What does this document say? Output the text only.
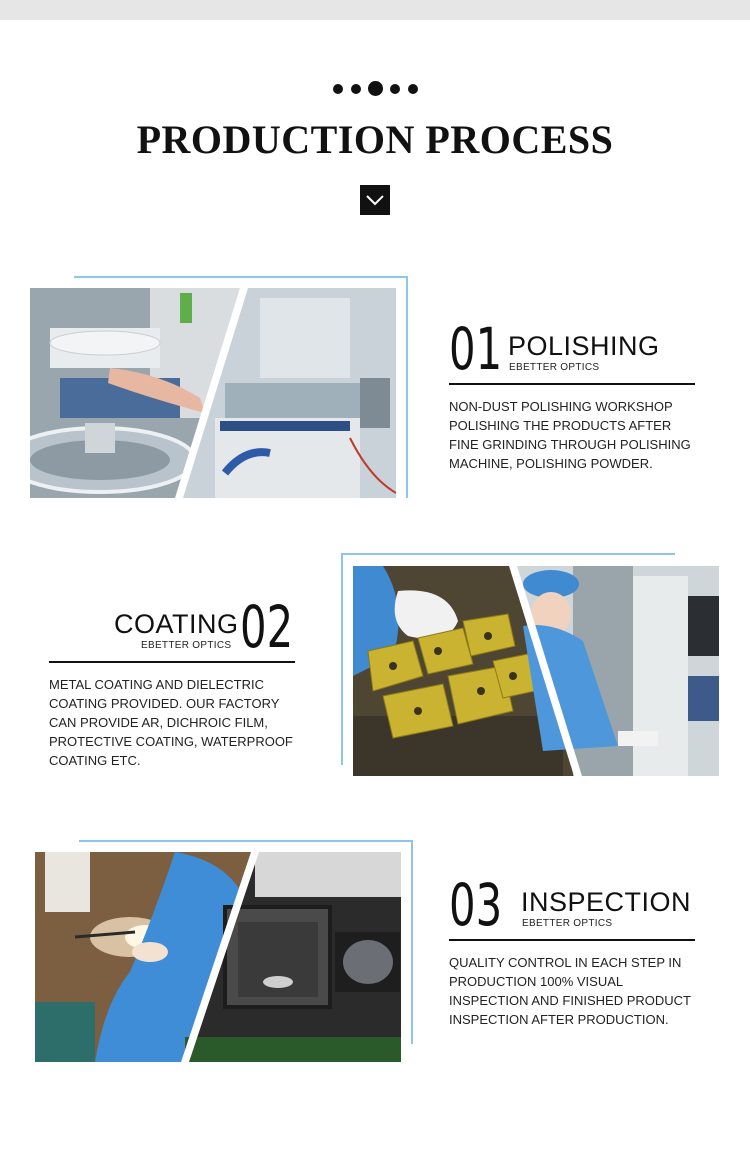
PRODUCTION PROCESS
01 POLISHING
EBETTER OPTICS
NON-DUST POLISHING WORKSHOP
POLISHING THE PRODUCTS AFTER
FINE GRINDING THROUGH POLISHING
MACHINE, POLISHING POWDER.
COATING
EBETTER OPTICS 02
METAL COATING AND DIELECTRIC
COATING PROVIDED. OUR FACTORY
CAN PROVIDE AR, DICHROIC FILM,
PROTECTIVE COATING, WATERPROOF
COATING ETC.
03 INSPECTION
EBETTER OPTICS
QUALITY CONTROL IN EACH STEP IN
PRODUCTION 100% VISUAL
INSPECTION AND FINISHED PRODUCT
INSPECTION AFTER PRODUCTION.
